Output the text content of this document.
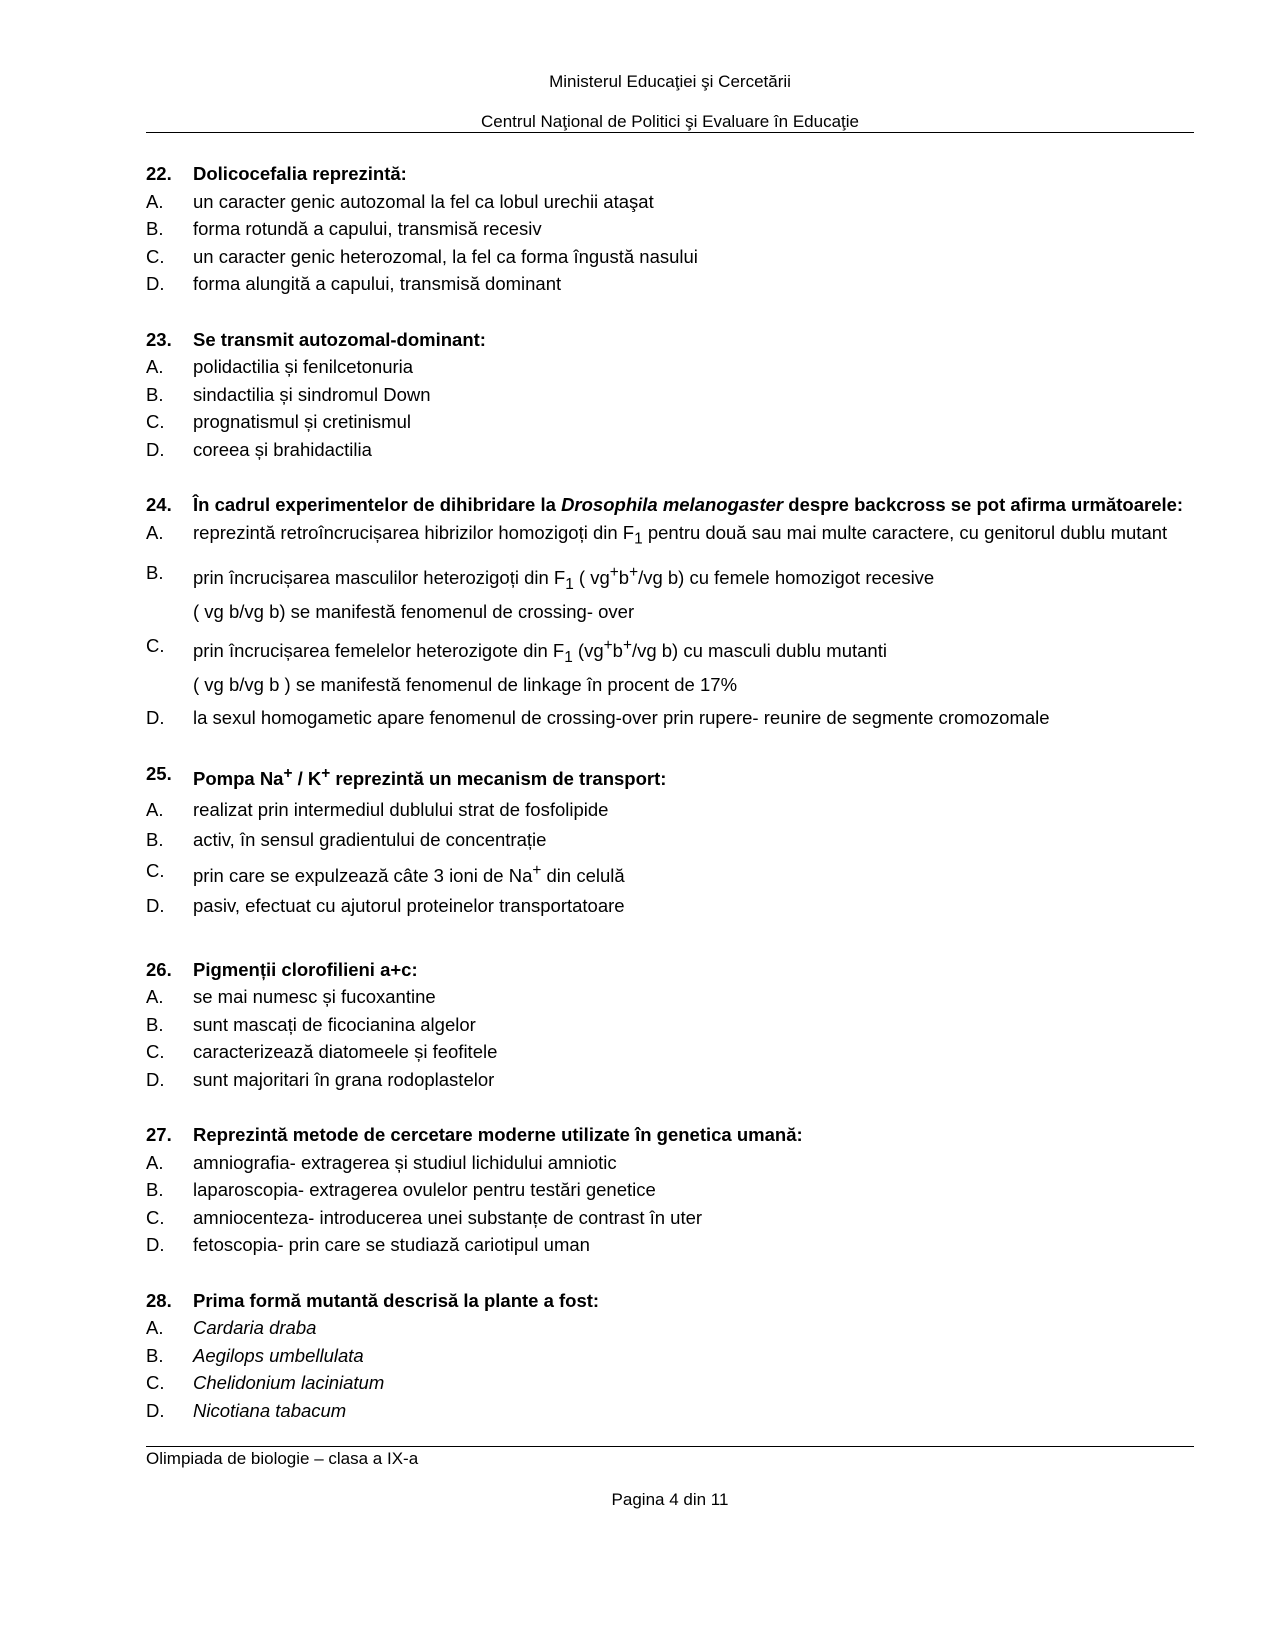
Ministerul Educaţiei şi Cercetării
Centrul Naţional de Politici şi Evaluare în Educaţie
22.	Dolicocefalia reprezintă:
A.	un caracter genic autozomal la fel ca lobul urechii ataşat
B.	forma rotundă a capului, transmisă recesiv
C.	un caracter genic heterozomal, la fel ca forma îngustă nasului
D.	forma alungită a capului, transmisă dominant
23.	Se transmit autozomal-dominant:
A.	polidactilia și fenilcetonuria
B.	sindactilia și sindromul Down
C.	prognatismul și cretinismul
D.	coreea și brahidactilia
24.	În cadrul experimentelor de dihibridare la Drosophila melanogaster despre backcross se pot afirma următoarele:
A.	reprezintă retroîncrucișarea hibrizilor homozigoți din $F_1$ pentru două sau mai multe caractere, cu genitorul dublu mutant
B.	prin încrucișarea masculilor heterozigoți din $F_1$ ( vg+b+/vg b) cu femele homozigot recesive
( vg b/vg b) se manifestă fenomenul de crossing- over
C.	prin încrucișarea femelelor heterozigote din $F_1$ (vg+b+/vg b) cu masculi dublu mutanti
( vg b/vg b ) se manifestă fenomenul de linkage în procent de 17%
D.	la sexul homogametic apare fenomenul de crossing-over prin rupere- reunire de segmente cromozomale
25.	Pompa Na+ / K+ reprezintă un mecanism de transport:
A.	realizat prin intermediul dublului strat de fosfolipide
B.	activ, în sensul gradientului de concentrație
C.	prin care se expulzează câte 3 ioni de Na+ din celulă
D.	pasiv, efectuat cu ajutorul proteinelor transportatoare
26.	Pigmenții clorofilieni a+c:
A.	se mai numesc și fucoxantine
B.	sunt mascați de ficocianina algelor
C.	caracterizează diatomeele și feofitele
D.	sunt majoritari în grana rodoplastelor
27.	Reprezintă metode de cercetare moderne utilizate în genetica umană:
A.	amniografia- extragerea și studiul lichidului amniotic
B.	laparoscopia- extragerea ovulelor pentru testări genetice
C.	amniocenteza- introducerea unei substanțe de contrast în uter
D.	fetoscopia- prin care se studiază cariotipul uman
28.	Prima formă mutantă descrisă la plante a fost:
A.	Cardaria draba
B.	Aegilops umbellulata
C.	Chelidonium laciniatum
D.	Nicotiana tabacum
Olimpiada de biologie – clasa a IX-a
Pagina 4 din 11
